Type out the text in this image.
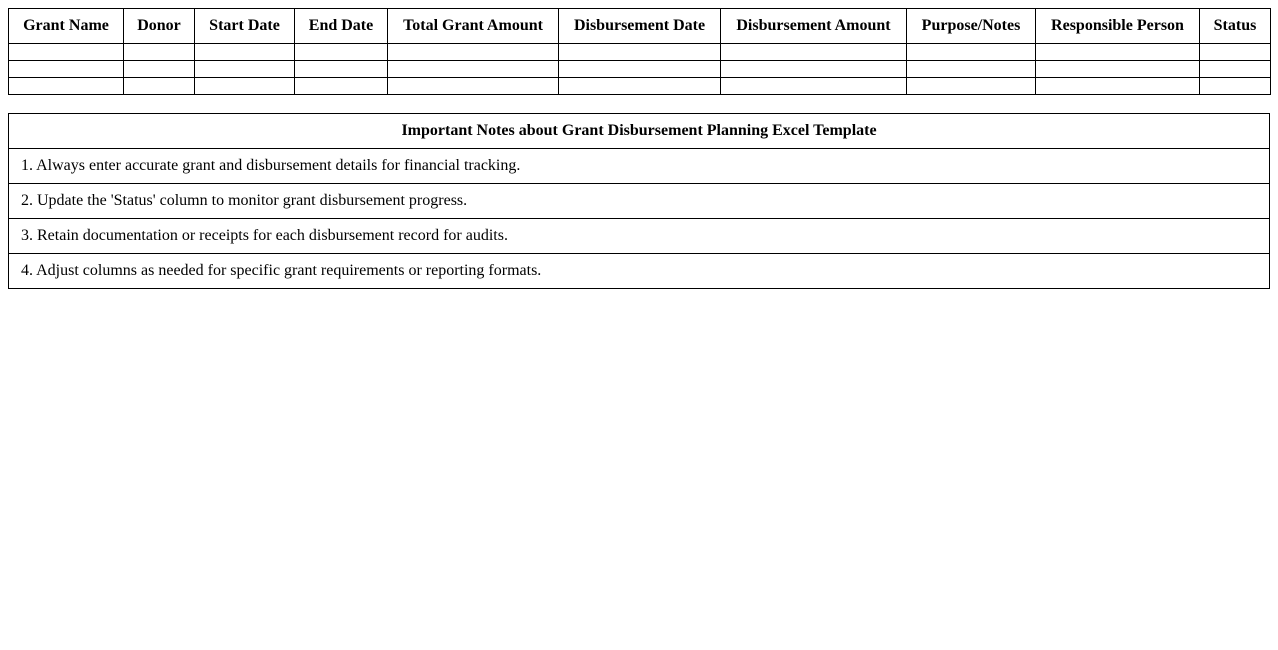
Grant Name	Donor	Start Date	End Date	Total Grant Amount	Disbursement Date	Disbursement Amount	Purpose/Notes	Responsible Person	Status

Important Notes about Grant Disbursement Planning Excel Template
1. Always enter accurate grant and disbursement details for financial tracking.
2. Update the 'Status' column to monitor grant disbursement progress.
3. Retain documentation or receipts for each disbursement record for audits.
4. Adjust columns as needed for specific grant requirements or reporting formats.
